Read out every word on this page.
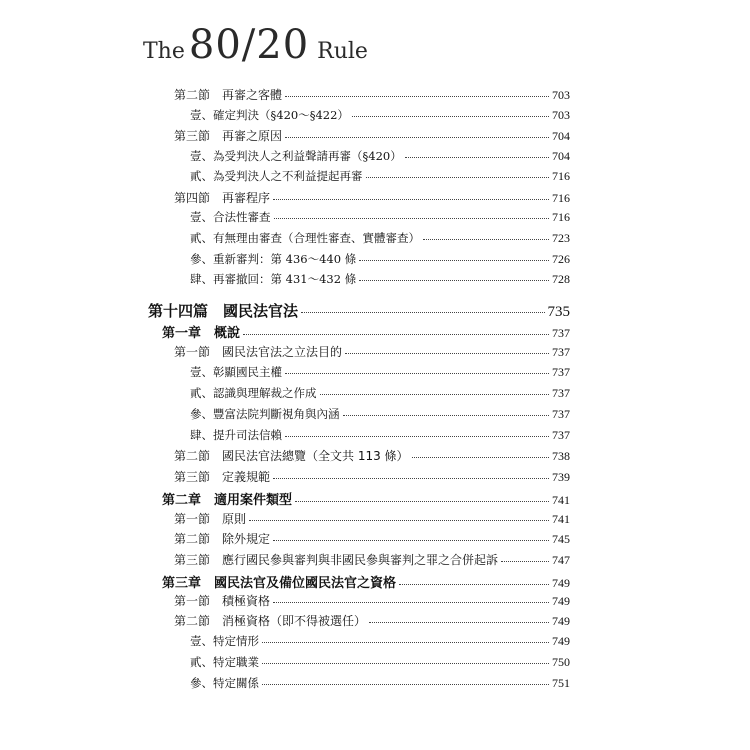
The 80/20 Rule
第二節　再審之客體	703
壹、確定判決（§420～§422）	703
第三節　再審之原因	704
壹、為受判決人之利益聲請再審（§420）	704
貳、為受判決人之不利益提起再審	716
第四節　再審程序	716
壹、合法性審查	716
貳、有無理由審查（合理性審查、實體審查）	723
參、重新審判：第 436～440 條	726
肆、再審撤回：第 431～432 條	728
第十四篇　國民法官法	735
第一章　概說	737
第一節　國民法官法之立法目的	737
壹、彰顯國民主權	737
貳、認識與理解裁之作成	737
參、豐富法院判斷視角與內涵	737
肆、提升司法信賴	737
第二節　國民法官法總覽（全文共 113 條）	738
第三節　定義規範	739
第二章　適用案件類型	741
第一節　原則	741
第二節　除外規定	745
第三節　應行國民參與審判與非國民參與審判之罪之合併起訴	747
第三章　國民法官及備位國民法官之資格	749
第一節　積極資格	749
第二節　消極資格（即不得被選任）	749
壹、特定情形	749
貳、特定職業	750
參、特定關係	751
